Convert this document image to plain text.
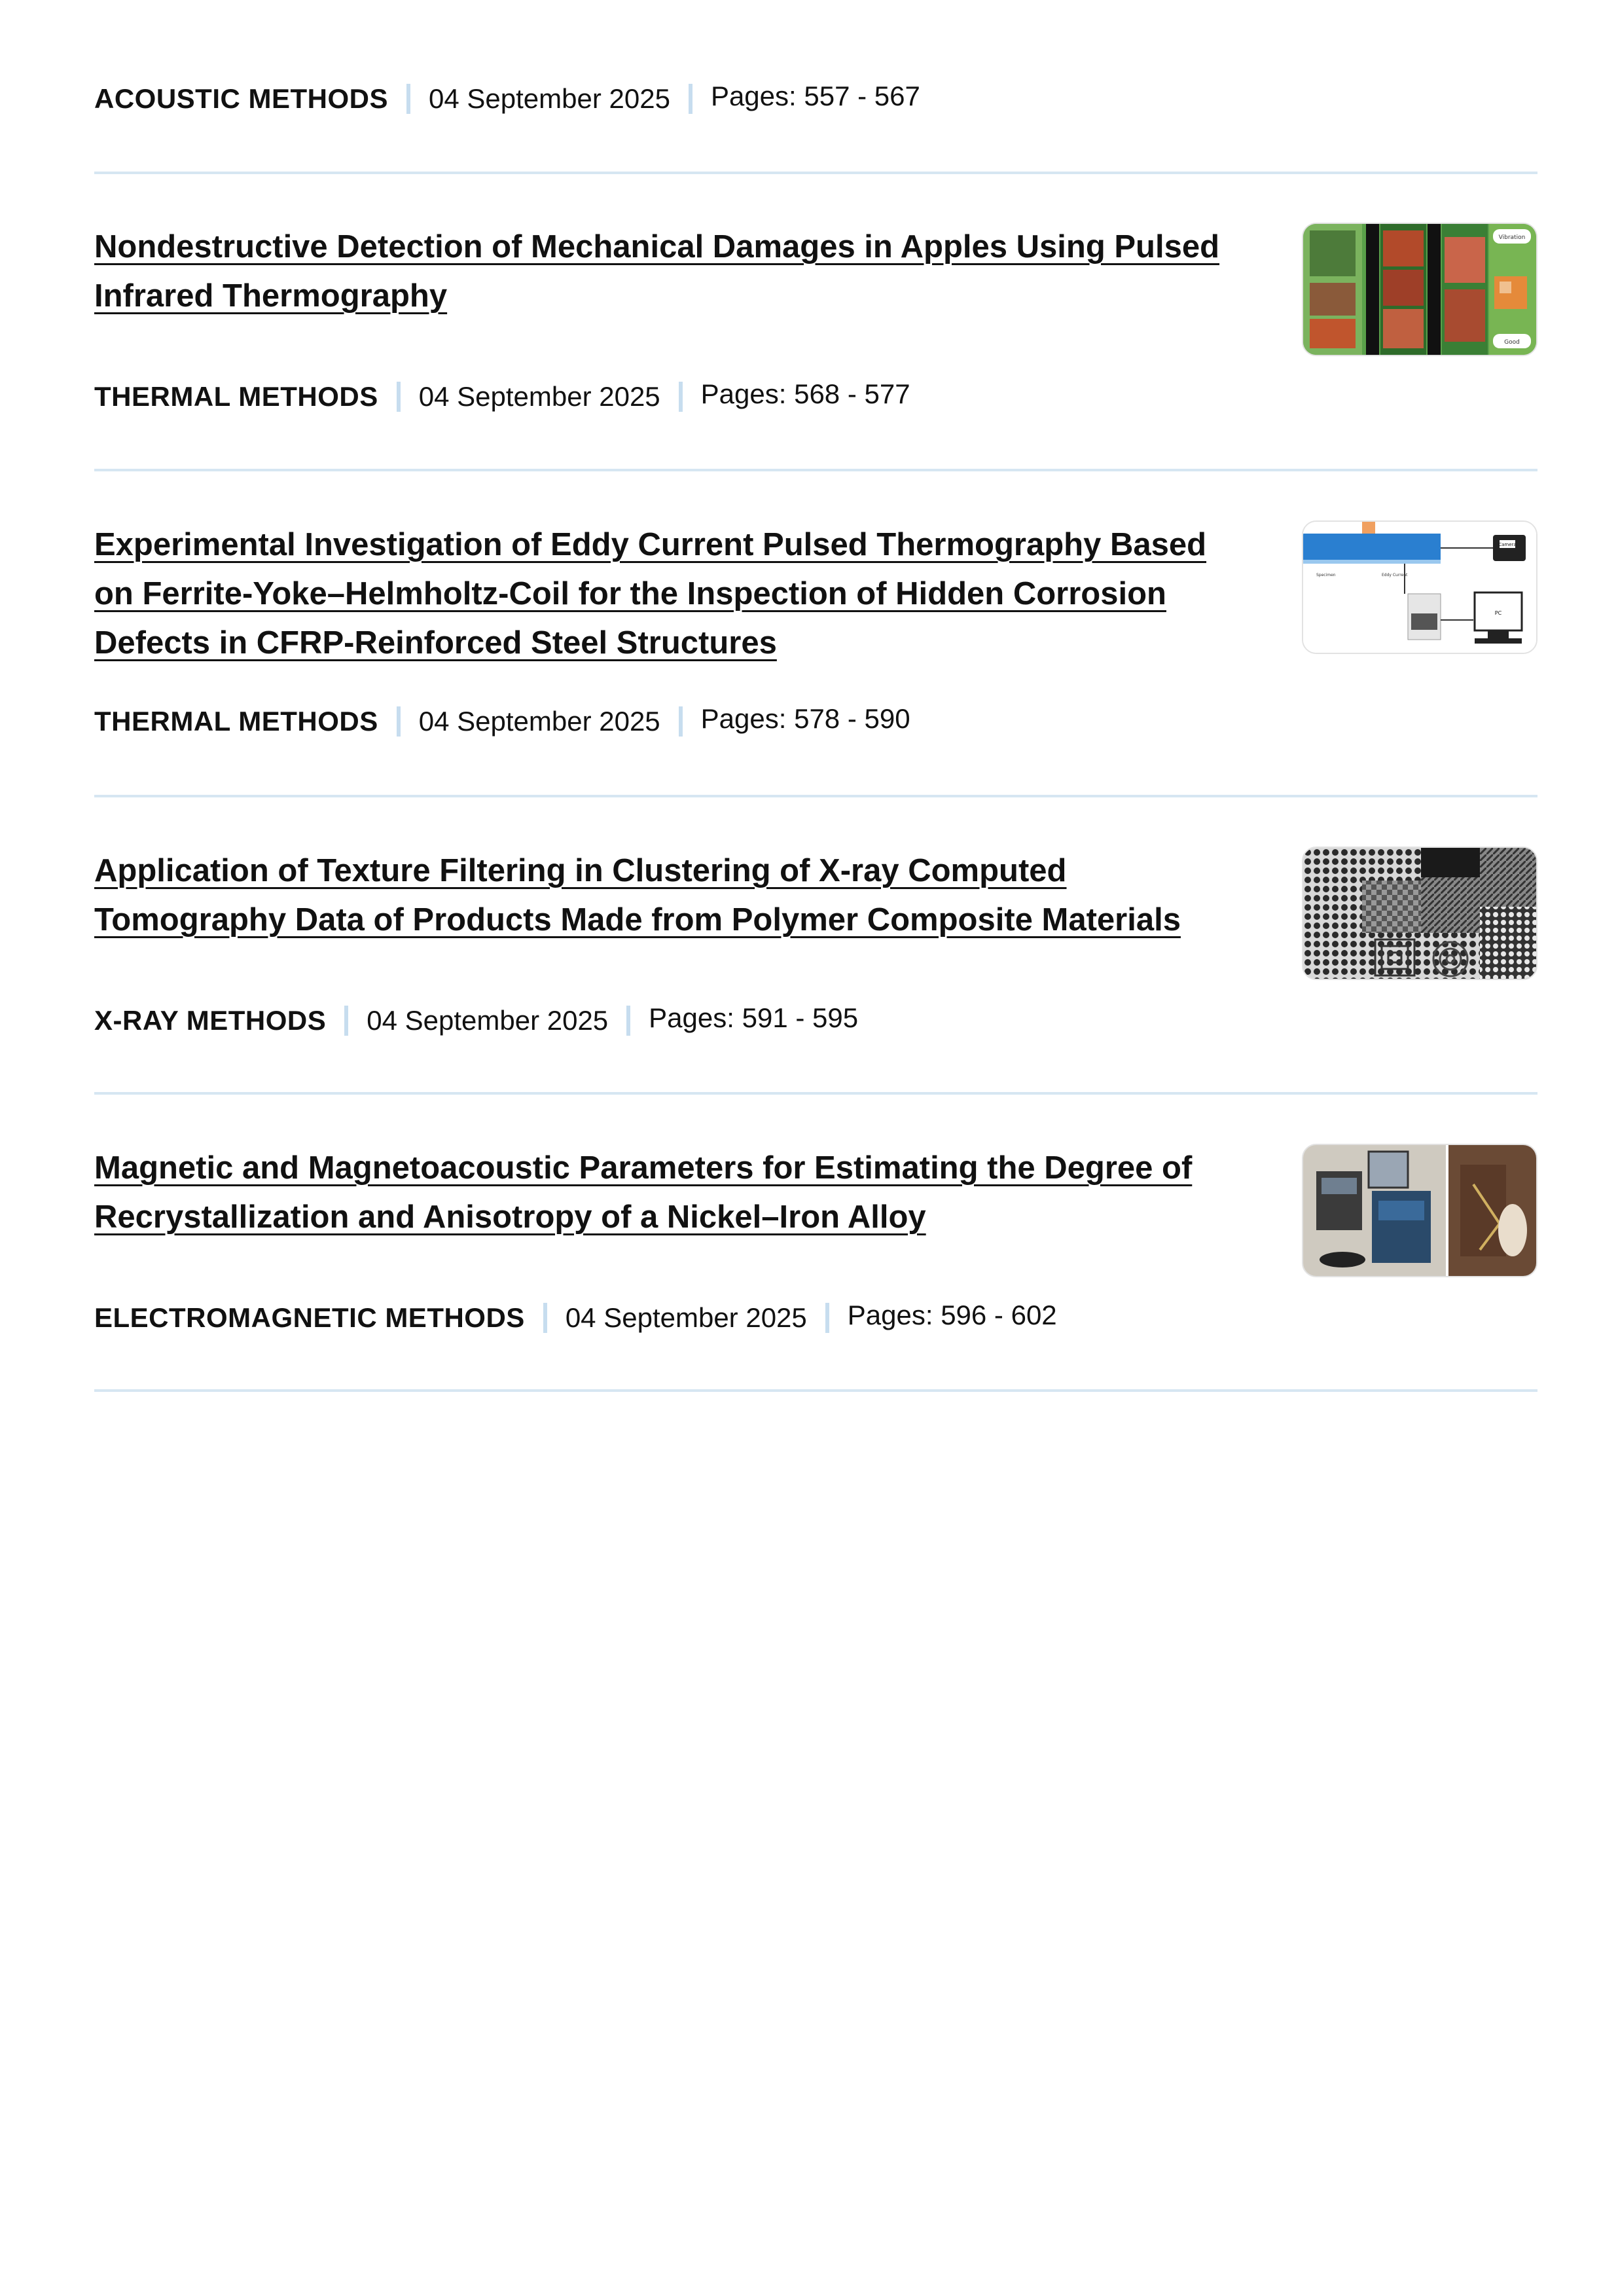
ACOUSTIC METHODS 04 September 2025 Pages: 557 - 567
Nondestructive Detection of Mechanical Damages in Apples Using Pulsed Infrared Thermography
Vibration
Good
THERMAL METHODS 04 September 2025 Pages: 568 - 577
Experimental Investigation of Eddy Current Pulsed Thermography Based on Ferrite-Yoke–Helmholtz-Coil for the Inspection of Hidden Corrosion Defects in CFRP-Reinforced Steel Structures
Camera
Specimen	Eddy Current
PC
THERMAL METHODS 04 September 2025 Pages: 578 - 590
Application of Texture Filtering in Clustering of X-ray Computed Tomography Data of Products Made from Polymer Composite Materials
X-RAY METHODS 04 September 2025 Pages: 591 - 595
Magnetic and Magnetoacoustic Parameters for Estimating the Degree of Recrystallization and Anisotropy of a Nickel–Iron Alloy
ELECTROMAGNETIC METHODS 04 September 2025 Pages: 596 - 602
